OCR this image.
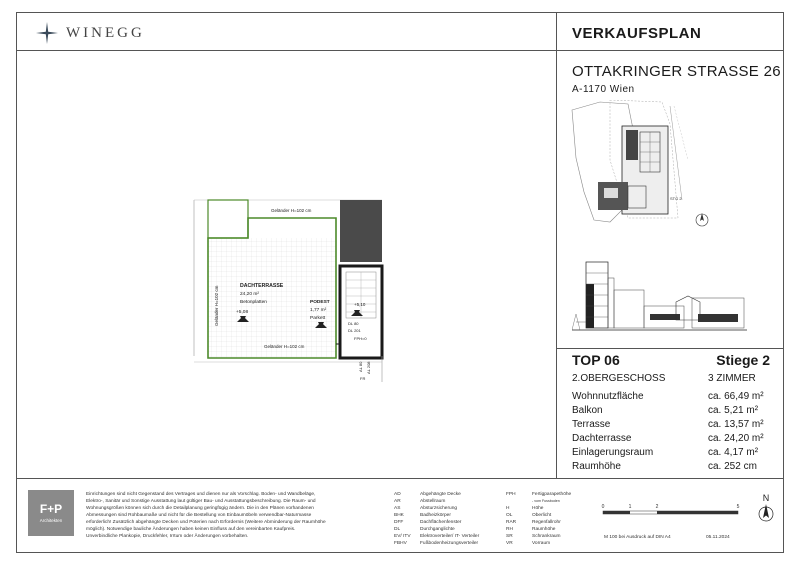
WINEGG	VERKAUFSPLAN
OTTAKRINGER STRASSE 26
A-1170 Wien
STG 2
TOP 06	Stiege 2
2.OBERGESCHOSS	3 ZIMMER
Wohnnutzfläche	ca. 66,49 m²
Balkon	ca. 5,21 m²
Terrasse	ca. 13,57 m²
Dachterrasse	ca. 24,20 m²
Einlagerungsraum	ca. 4,17 m²
Raumhöhe	ca. 252 cm
Geländer H=102 cm
Geländer H=102 cm
Geländer H=102 cm
DACHTERRASSE
24,20 m²
Betonplatten
+5,08
PODEST
1,77 m²
Parkett
+5,10
DL 80
DL 201
FPH=0
AL 80 AL 208
FR
F+P
Architekten
Einrichtungen sind nicht Gegenstand des Vertrages und dienen nur als Vorschlag. Boden- und Wandbeläge, Elektro-, Sanitär und Sonstige Ausstattung laut gültiger Bau- und Ausstattungsbeschreibung. Die Raum- und Wohnungsgrößen können sich durch die Detailplanung geringfügig ändern. Die in den Plänen vorhandenen Abmessungen sind Rohbaumaße und nicht für die Bestellung von Einbaumöbeln verwendbar-Naturmasse erforderlich! Zusätzlich abgehängte Decken und Poterien nach Erfordernis (Weitere Abminderung der Raumhöhe möglich). Notwendige bauliche Änderungen haben keinen Einfluss auf den vereinbarten Kaufpreis. Unverbindliche Plankopie, Druckfehler, Irrtum oder Änderungen vorbehalten.
AD	Abgehängte Decke
AR	Abstellraum
AS	Absturzsicherung
BHK	Badheizkörper
DFF	Dachflächenfenster
DL	Durchganglichte
EV/ ITV	Elektroverteiler/ IT- Verteiler
FBHV	Fußbodenheizungsverteiler
FPH	Fertigparapethöhe
- vom Fussboden
H	Höhe
OL	Oberlicht
RAR	Regenfallrohr
RH	Raumhöhe
SR	Schrankraum
VR	Vorraum
0	1	2	5
M 100 bei Ausdruck auf DIN A4	05.11.2024
N
